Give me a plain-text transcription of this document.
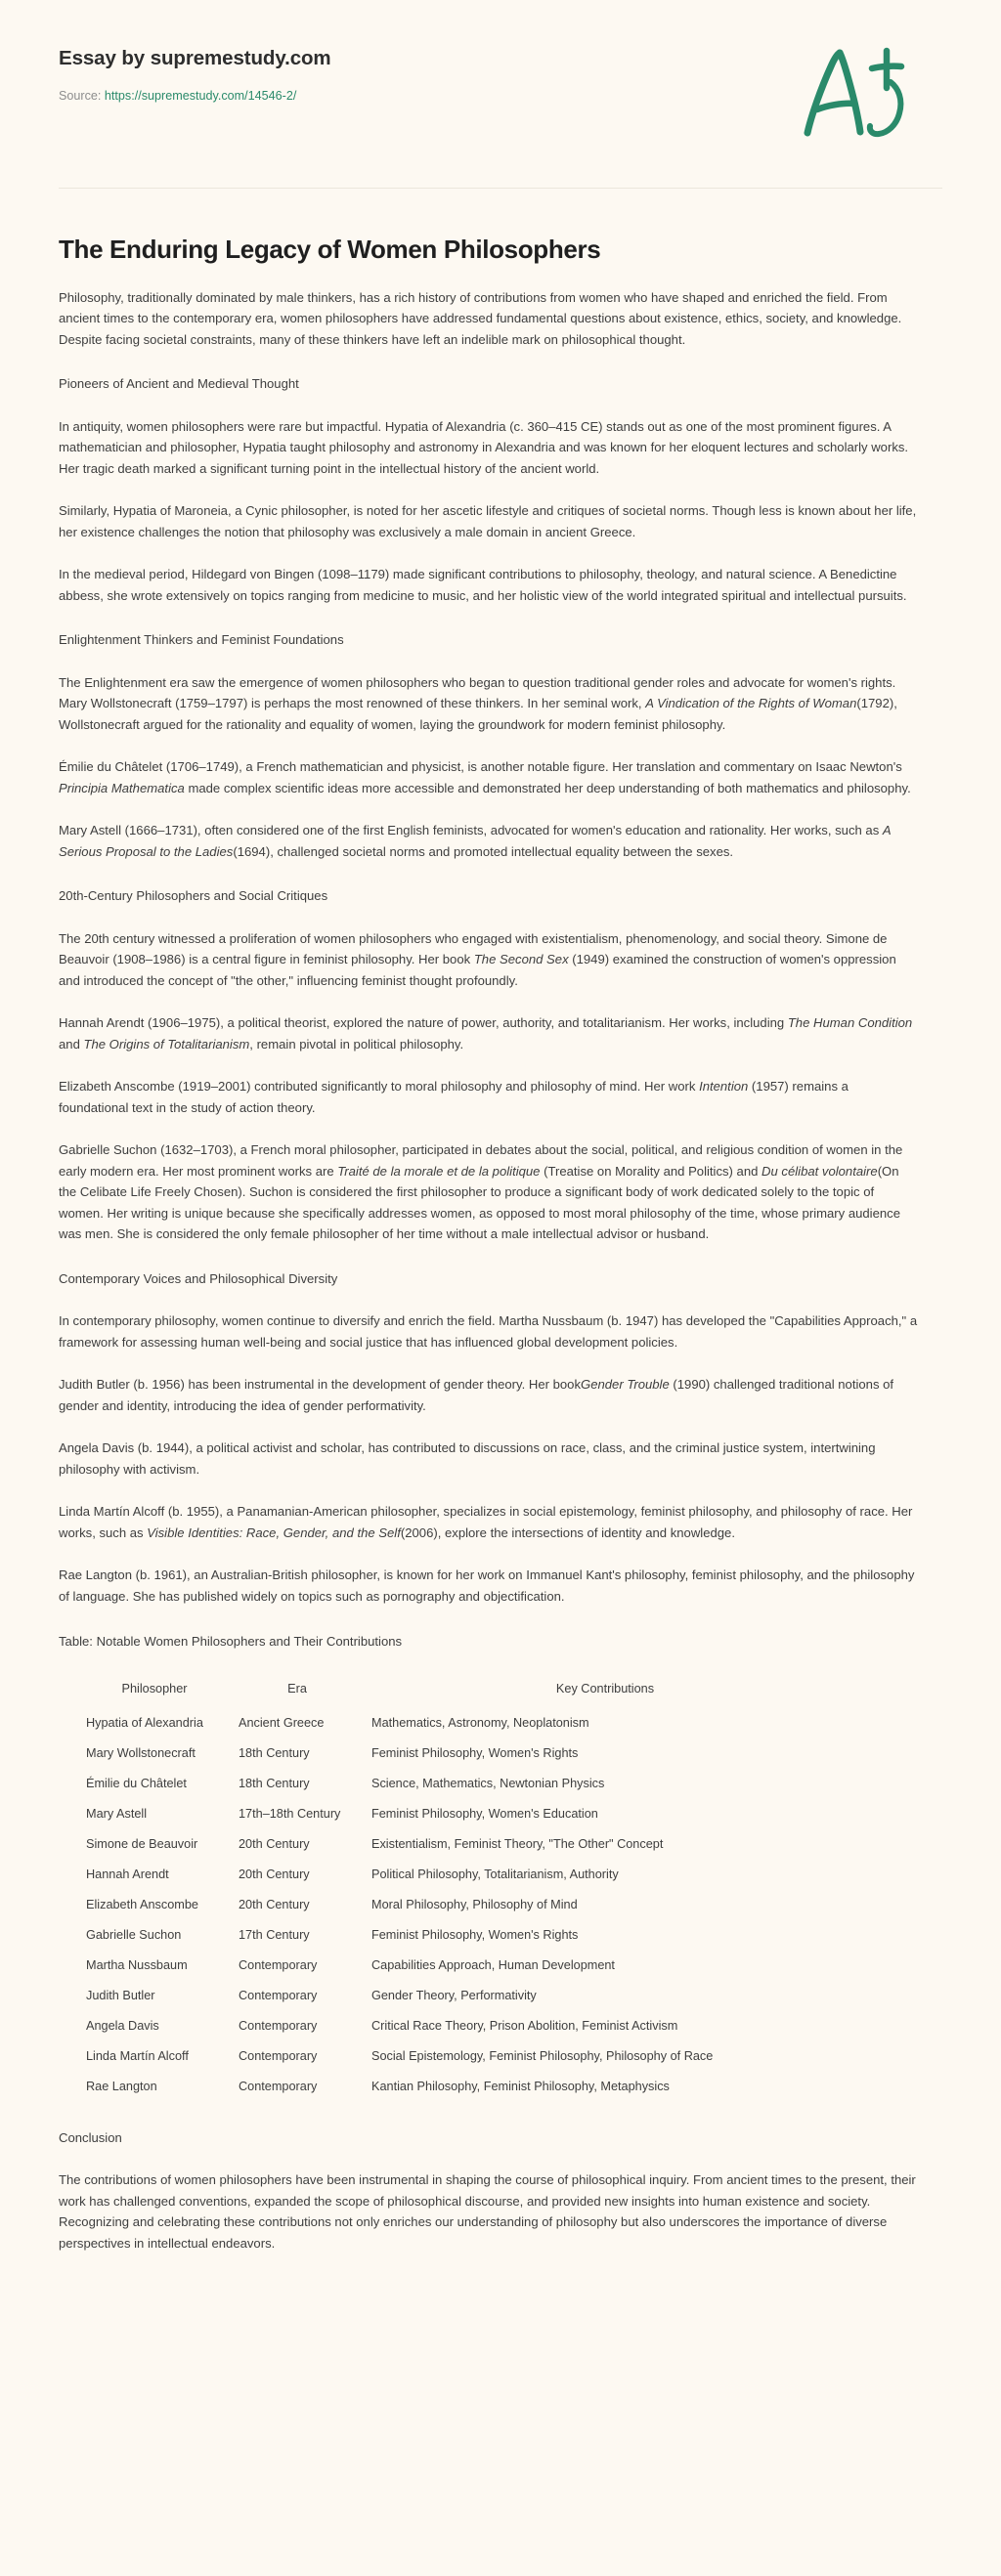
Essay by supremestudy.com
Source: https://supremestudy.com/14546-2/
The Enduring Legacy of Women Philosophers

Philosophy, traditionally dominated by male thinkers, has a rich history of contributions from women who have shaped and enriched the field. From ancient times to the contemporary era, women philosophers have addressed fundamental questions about existence, ethics, society, and knowledge. Despite facing societal constraints, many of these thinkers have left an indelible mark on philosophical thought.

Pioneers of Ancient and Medieval Thought

In antiquity, women philosophers were rare but impactful. Hypatia of Alexandria (c. 360–415 CE) stands out as one of the most prominent figures. A mathematician and philosopher, Hypatia taught philosophy and astronomy in Alexandria and was known for her eloquent lectures and scholarly works. Her tragic death marked a significant turning point in the intellectual history of the ancient world.

Similarly, Hypatia of Maroneia, a Cynic philosopher, is noted for her ascetic lifestyle and critiques of societal norms. Though less is known about her life, her existence challenges the notion that philosophy was exclusively a male domain in ancient Greece.

In the medieval period, Hildegard von Bingen (1098–1179) made significant contributions to philosophy, theology, and natural science. A Benedictine abbess, she wrote extensively on topics ranging from medicine to music, and her holistic view of the world integrated spiritual and intellectual pursuits.

Enlightenment Thinkers and Feminist Foundations

The Enlightenment era saw the emergence of women philosophers who began to question traditional gender roles and advocate for women's rights. Mary Wollstonecraft (1759–1797) is perhaps the most renowned of these thinkers. In her seminal work, A Vindication of the Rights of Woman(1792), Wollstonecraft argued for the rationality and equality of women, laying the groundwork for modern feminist philosophy.

Émilie du Châtelet (1706–1749), a French mathematician and physicist, is another notable figure. Her translation and commentary on Isaac Newton's Principia Mathematica made complex scientific ideas more accessible and demonstrated her deep understanding of both mathematics and philosophy.

Mary Astell (1666–1731), often considered one of the first English feminists, advocated for women's education and rationality. Her works, such as A Serious Proposal to the Ladies(1694), challenged societal norms and promoted intellectual equality between the sexes.

20th-Century Philosophers and Social Critiques

The 20th century witnessed a proliferation of women philosophers who engaged with existentialism, phenomenology, and social theory. Simone de Beauvoir (1908–1986) is a central figure in feminist philosophy. Her book The Second Sex (1949) examined the construction of women's oppression and introduced the concept of "the other," influencing feminist thought profoundly.

Hannah Arendt (1906–1975), a political theorist, explored the nature of power, authority, and totalitarianism. Her works, including The Human Condition and The Origins of Totalitarianism, remain pivotal in political philosophy.

Elizabeth Anscombe (1919–2001) contributed significantly to moral philosophy and philosophy of mind. Her work Intention (1957) remains a foundational text in the study of action theory.

Gabrielle Suchon (1632–1703), a French moral philosopher, participated in debates about the social, political, and religious condition of women in the early modern era. Her most prominent works are Traité de la morale et de la politique (Treatise on Morality and Politics) and Du célibat volontaire(On the Celibate Life Freely Chosen). Suchon is considered the first philosopher to produce a significant body of work dedicated solely to the topic of women. Her writing is unique because she specifically addresses women, as opposed to most moral philosophy of the time, whose primary audience was men. She is considered the only female philosopher of her time without a male intellectual advisor or husband.

Contemporary Voices and Philosophical Diversity

In contemporary philosophy, women continue to diversify and enrich the field. Martha Nussbaum (b. 1947) has developed the "Capabilities Approach," a framework for assessing human well-being and social justice that has influenced global development policies.

Judith Butler (b. 1956) has been instrumental in the development of gender theory. Her bookGender Trouble (1990) challenged traditional notions of gender and identity, introducing the idea of gender performativity.

Angela Davis (b. 1944), a political activist and scholar, has contributed to discussions on race, class, and the criminal justice system, intertwining philosophy with activism.

Linda Martín Alcoff (b. 1955), a Panamanian-American philosopher, specializes in social epistemology, feminist philosophy, and philosophy of race. Her works, such as Visible Identities: Race, Gender, and the Self(2006), explore the intersections of identity and knowledge.

Rae Langton (b. 1961), an Australian-British philosopher, is known for her work on Immanuel Kant's philosophy, feminist philosophy, and the philosophy of language. She has published widely on topics such as pornography and objectification.

Table: Notable Women Philosophers and Their Contributions

Philosopher	Era	Key Contributions
Hypatia of Alexandria	Ancient Greece	Mathematics, Astronomy, Neoplatonism
Mary Wollstonecraft	18th Century	Feminist Philosophy, Women's Rights
Émilie du Châtelet	18th Century	Science, Mathematics, Newtonian Physics
Mary Astell	17th–18th Century	Feminist Philosophy, Women's Education
Simone de Beauvoir	20th Century	Existentialism, Feminist Theory, "The Other" Concept
Hannah Arendt	20th Century	Political Philosophy, Totalitarianism, Authority
Elizabeth Anscombe	20th Century	Moral Philosophy, Philosophy of Mind
Gabrielle Suchon	17th Century	Feminist Philosophy, Women's Rights
Martha Nussbaum	Contemporary	Capabilities Approach, Human Development
Judith Butler	Contemporary	Gender Theory, Performativity
Angela Davis	Contemporary	Critical Race Theory, Prison Abolition, Feminist Activism
Linda Martín Alcoff	Contemporary	Social Epistemology, Feminist Philosophy, Philosophy of Race
Rae Langton	Contemporary	Kantian Philosophy, Feminist Philosophy, Metaphysics
Conclusion

The contributions of women philosophers have been instrumental in shaping the course of philosophical inquiry. From ancient times to the present, their work has challenged conventions, expanded the scope of philosophical discourse, and provided new insights into human existence and society. Recognizing and celebrating these contributions not only enriches our understanding of philosophy but also underscores the importance of diverse perspectives in intellectual endeavors.
